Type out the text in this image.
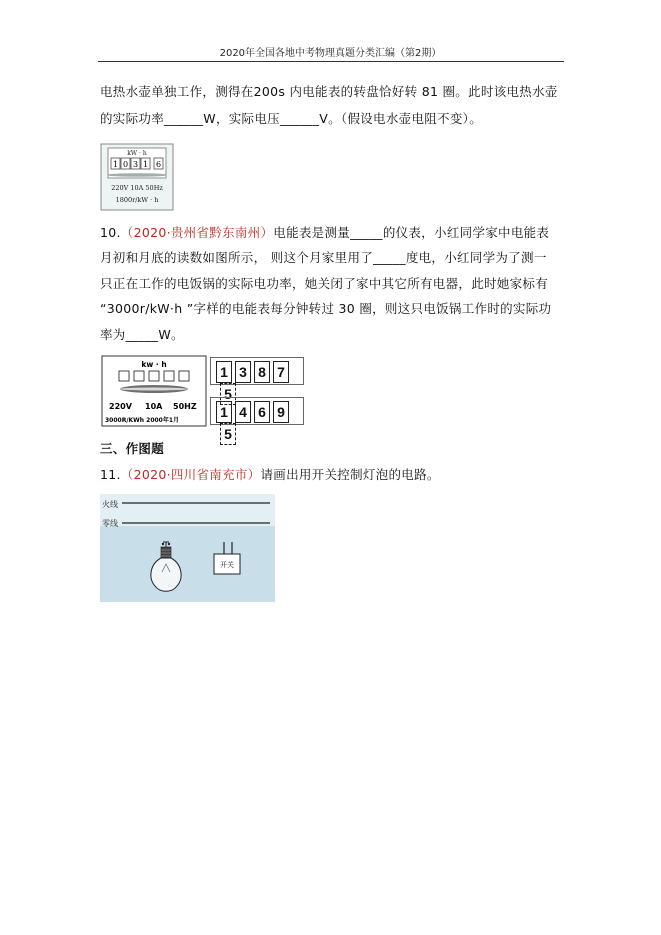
2020年全国各地中考物理真题分类汇编（第2期）
电热水壶单独工作，测得在200s 内电能表的转盘恰好转 81 圈。此时该电热水壶
的实际功率______W，实际电压______V。（假设电水壶电阻不变）。
kW · h
1 0 3 1 6
220V 10A 50Hz
1800r/kW · h
10.（2020·贵州省黔东南州）电能表是测量_____的仪表，小红同学家中电能表
月初和月底的读数如图所示， 则这个月家里用了_____度电，小红同学为了测一
只正在工作的电饭锅的实际电功率，她关闭了家中其它所有电器，此时她家标有
“3000r/kW·h ”字样的电能表每分钟转过 30 圈，则这只电饭锅工作时的实际功
率为_____W。
kw · h
220V 10A 50HZ
3000R/KWh 2000年1月
1 3 8 75
1 4 6 95
三、作图题
11.（2020·四川省南充市）请画出用开关控制灯泡的电路。
火线
零线
开关
